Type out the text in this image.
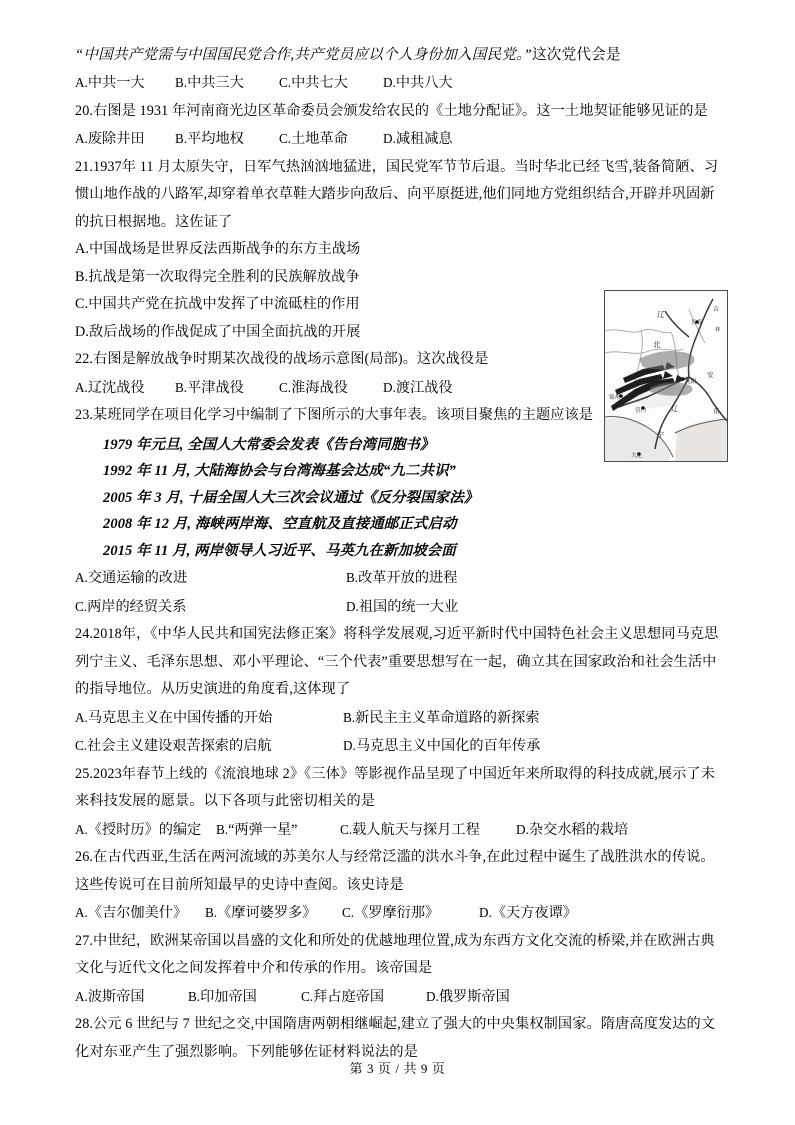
“中国共产党需与中国国民党合作,共产党员应以个人身份加入国民党。”这次党代会是
A.中共一大	B.中共三大	C.中共七大	D.中共八大
20.右图是 1931 年河南商光边区革命委员会颁发给农民的《土地分配证》。这一土地契证能够见证的是
A.废除井田	B.平均地权	C.土地革命	D.减租减息
21.1937年 11 月太原失守，日军气热汹汹地猛进，国民党军节节后退。当时华北已经飞雪,装备简陋、习
惯山地作战的八路军,却穿着单衣草鞋大踏步向敌后、向平原挺进,他们同地方党组织结合,开辟并巩固新
的抗日根据地。这佐证了
A.中国战场是世界反法西斯战争的东方主战场
B.抗战是第一次取得完全胜利的民族解放战争
C.中国共产党在抗战中发挥了中流砥柱的作用
D.敌后战场的作战促成了中国全面抗战的开展
22.右图是解放战争时期某次战役的战场示意图(局部)。这次战役是
A.辽沈战役	B.平津战役	C.淮海战役	D.渡江战役
23.某班同学在项目化学习中编制了下图所示的大事年表。该项目聚焦的主题应该是
1979 年元旦, 全国人大常委会发表《告台湾同胞书》
1992 年 11 月, 大陆海协会与台湾海基会达成“九二共识”
2005 年 3 月, 十届全国人大三次会议通过《反分裂国家法》
2008 年 12 月, 海峡两岸海、空直航及直接通邮正式启动
2015 年 11 月, 两岸领导人习近平、马英九在新加坡会面
A.交通运输的改进	B.改革开放的进程
C.两岸的经贸关系	D.祖国的统一大业
24.2018年，《中华人民共和国宪法修正案》将科学发展观,习近平新时代中国特色社会主义思想同马克思
列宁主义、毛泽东思想、邓小平理论、“三个代表”重要思想写在一起，确立其在国家政治和社会生活中
的指导地位。从历史演进的角度看,这体现了
A.马克思主义在中国传播的开始	B.新民主主义革命道路的新探索
C.社会主义建设艰苦探索的启航	D.马克思主义中国化的百年传承
25.2023年春节上线的《流浪地球 2》《三体》等影视作品呈现了中国近年来所取得的科技成就,展示了未
来科技发展的愿景。以下各项与此密切相关的是
A.《授时历》的编定	B.“两弹一星”	C.载人航天与探月工程	D.杂交水稻的栽培
26.在古代西亚,生活在两河流域的苏美尔人与经常泛滥的洪水斗争,在此过程中诞生了战胜洪水的传说。
这些传说可在目前所知最早的史诗中查阅。该史诗是
A.《吉尔伽美什》	B.《摩诃婆罗多》	C.《罗摩衍那》	D.《天方夜谭》
27.中世纪，欧洲某帝国以昌盛的文化和所处的优越地理位置,成为东西方文化交流的桥梁,并在欧洲古典
文化与近代文化之间发挥着中介和传承的作用。该帝国是
A.波斯帝国	B.印加帝国	C.拜占庭帝国	D.俄罗斯帝国
28.公元 6 世纪与 7 世纪之交,中国隋唐两朝相继崛起,建立了强大的中央集权制国家。隋唐高度发达的文
化对东亚产生了强烈影响。下列能够佐证材料说法的是
辽
吉
长春
林
北
沈阳
锦州
营口	辽
安
东
宁
大连
第 3 页 / 共 9 页
